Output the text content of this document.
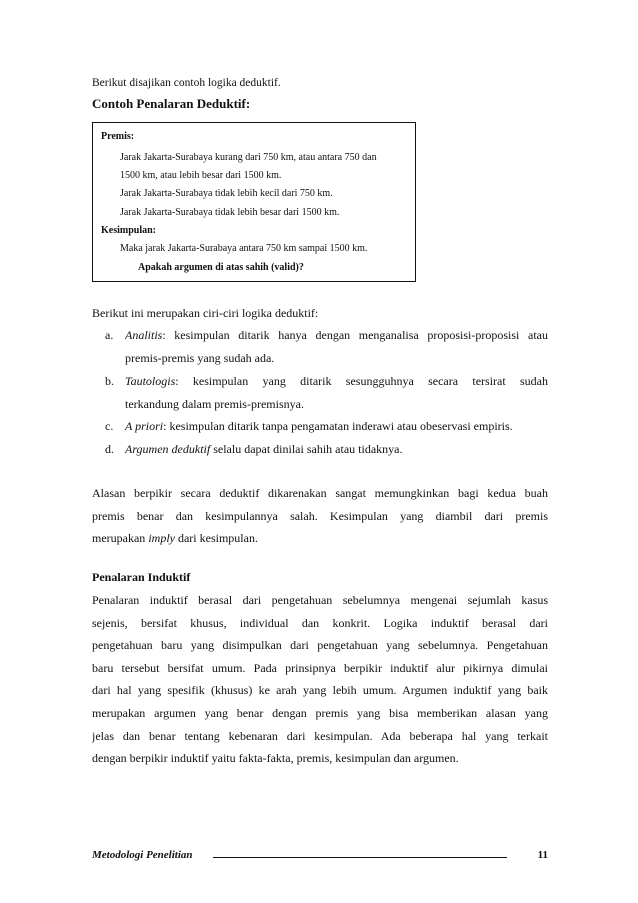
Berikut disajikan contoh logika deduktif.
Contoh Penalaran Deduktif:
Premis:
Jarak Jakarta-Surabaya kurang dari 750 km, atau antara 750 dan
1500 km, atau lebih besar dari 1500 km.
Jarak Jakarta-Surabaya tidak lebih kecil dari 750 km.
Jarak Jakarta-Surabaya tidak lebih besar dari 1500 km.
Kesimpulan:
Maka jarak Jakarta-Surabaya antara 750 km sampai 1500 km.
Apakah argumen di atas sahih (valid)?
Berikut ini merupakan ciri-ciri logika deduktif:
a. Analitis: kesimpulan ditarik hanya dengan menganalisa proposisi-proposisi atau
premis-premis yang sudah ada.
b. Tautologis: kesimpulan yang ditarik sesungguhnya secara tersirat sudah
terkandung dalam premis-premisnya.
c. A priori: kesimpulan ditarik tanpa pengamatan inderawi atau obeservasi empiris.
d. Argumen deduktif selalu dapat dinilai sahih atau tidaknya.
Alasan berpikir secara deduktif dikarenakan sangat memungkinkan bagi kedua buah
premis benar dan kesimpulannya salah. Kesimpulan yang diambil dari premis
merupakan imply dari kesimpulan.
Penalaran Induktif
Penalaran induktif berasal dari pengetahuan sebelumnya mengenai sejumlah kasus
sejenis, bersifat khusus, individual dan konkrit. Logika induktif berasal dari
pengetahuan baru yang disimpulkan dari pengetahuan yang sebelumnya. Pengetahuan
baru tersebut bersifat umum. Pada prinsipnya berpikir induktif alur pikirnya dimulai
dari hal yang spesifik (khusus) ke arah yang lebih umum. Argumen induktif yang baik
merupakan argumen yang benar dengan premis yang bisa memberikan alasan yang
jelas dan benar tentang kebenaran dari kesimpulan. Ada beberapa hal yang terkait
dengan berpikir induktif yaitu fakta-fakta, premis, kesimpulan dan argumen.
Metodologi Penelitian	11
